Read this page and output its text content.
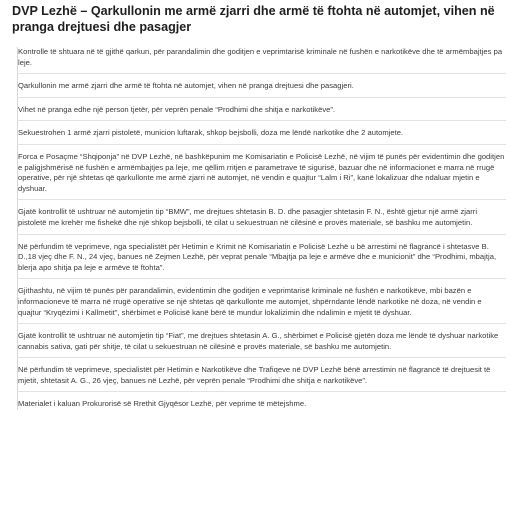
DVP Lezhë – Qarkullonin me armë zjarri dhe armë të ftohta në automjet, vihen në pranga drejtuesi dhe pasagjer

Kontrolle të shtuara në të gjithë qarkun, për parandalimin dhe goditjen e veprimtarisë kriminale në fushën e narkotikëve dhe të armëmbajtjes pa leje.

Qarkullonin me armë zjarri dhe armë të ftohta në automjet, vihen në pranga drejtuesi dhe pasagjeri.

Vihet në pranga edhe një person tjetër, për veprën penale “Prodhimi dhe shitja e narkotikëve”.

Sekuestrohen 1 armë zjarri pistoletë, municion luftarak, shkop bejsbolli, doza me lëndë narkotike dhe 2 automjete.

Forca e Posaçme “Shqiponja” në DVP Lezhë, në bashkëpunim me Komisariatin e Policisë Lezhë, në vijim të punës për evidentimin dhe goditjen e paligjshmërisë në fushën e armëmbajtjes pa leje, me qëllim rritjen e parametrave të sigurisë, bazuar dhe në informacionet e marra në rrugë operative, për një shtetas që qarkullonte me armë zjarri në automjet, në vendin e quajtur “Lalm i Ri”, kanë lokalizuar dhe ndaluar mjetin e dyshuar.

Gjatë kontrollit të ushtruar në automjetin tip “BMW”, me drejtues shtetasin B. D. dhe pasagjer shtetasin F. N., është gjetur një armë zjarri pistoletë me krehër me fishekë dhe një shkop bejsbolli, të cilat u sekuestruan në cilësinë e provës materiale, së bashku me automjetin.

Në përfundim të veprimeve, nga specialistët për Hetimin e Krimit në Komisariatin e Policisë Lezhë u bë arrestimi në flagrancë i shtetasve B. D.,18 vjeç dhe F. N., 24 vjeç, banues në Zejmen Lezhë, për veprat penale “Mbajtja pa leje e armëve dhe e municionit” dhe “Prodhimi, mbajtja, blerja apo shitja pa leje e armëve të ftohta”.

Gjithashtu, në vijim të punës për parandalimin, evidentimin dhe goditjen e veprimtarisë kriminale në fushën e narkotikëve, mbi bazën e informacioneve të marra në rrugë operative se një shtetas që qarkullonte me automjet, shpërndante lëndë narkotike në doza, në vendin e quajtur “Kryqëzimi i Kallmetit”, shërbimet e Policisë kanë bërë të mundur lokalizimin dhe ndalimin e mjetit të dyshuar.

Gjatë kontrollit të ushtruar në automjetin tip “Fiat”, me drejtues shtetasin A. G., shërbimet e Policisë gjetën doza me lëndë të dyshuar narkotike cannabis sativa, gati për shitje, të cilat u sekuestruan në cilësinë e provës materiale, së bashku me automjetin.

Në përfundim të veprimeve, specialistët për Hetimin e Narkotikëve dhe Trafiqeve në DVP Lezhë bënë arrestimin në flagrancë të drejtuesit të mjetit, shtetasit A. G., 26 vjeç, banues në Lezhë, për veprën penale “Prodhimi dhe shitja e narkotikëve”.

Materialet i kaluan Prokurorisë së Rrethit Gjyqësor Lezhë, për veprime të mëtejshme.
